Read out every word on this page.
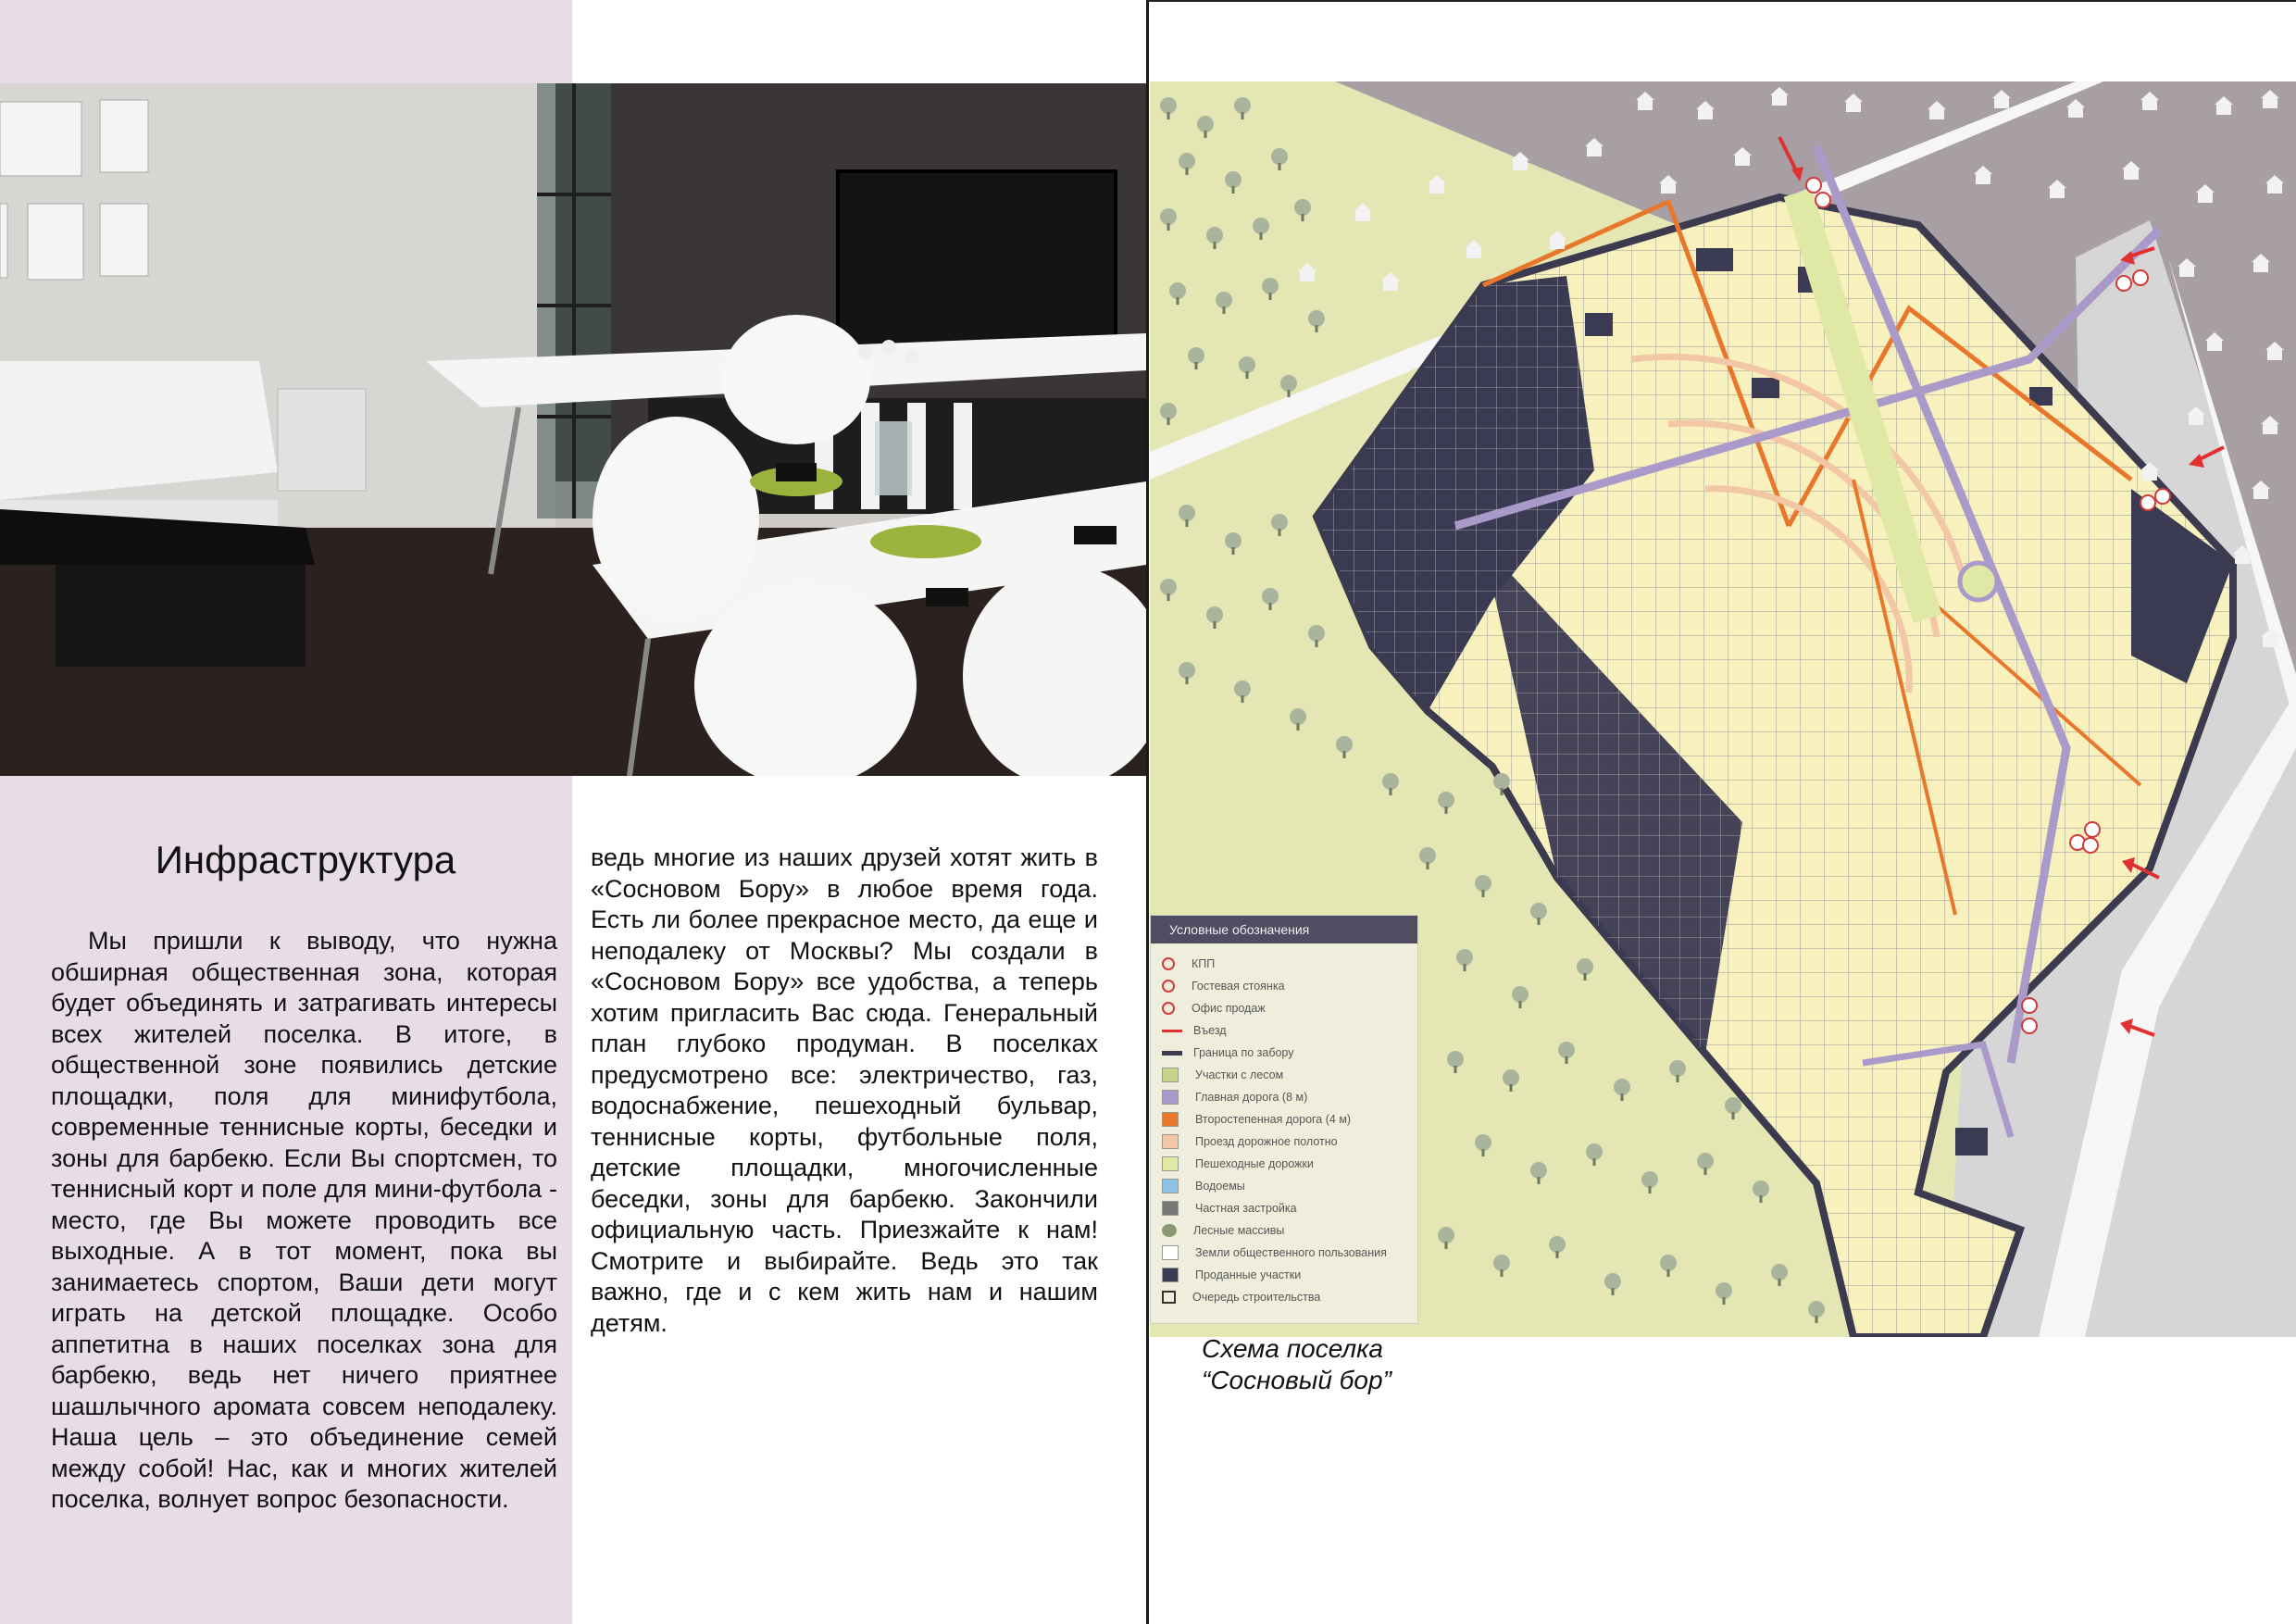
Инфраструктура

Мы пришли к выводу, что нужна обширная общественная зона, которая будет объединять и затрагивать интересы всех жителей поселка. В итоге, в общественной зоне появились детские площадки, поля для минифутбола, современные теннисные корты, беседки и зоны для барбекю. Если Вы спортсмен, то теннисный корт и поле для мини-футбола - место, где Вы можете проводить все выходные. А в тот момент, пока вы занимаетесь спортом, Ваши дети могут играть на детской площадке. Особо аппетитна в наших поселках зона для барбекю, ведь нет ничего приятнее шашлычного аромата совсем неподалеку. Наша цель – это объединение семей между собой! Нас, как и многих жителей поселка, волнует вопрос безопасности.

ведь многие из наших друзей хотят жить в «Сосновом Бору» в любое время года. Есть ли более прекрасное место, да еще и неподалеку от Москвы? Мы создали в «Сосновом Бору» все удобства, а теперь хотим пригласить Вас сюда. Генеральный план глубоко продуман. В поселках предусмотрено все: электричество, газ, водоснабжение, пешеходный бульвар, теннисные корты, футбольные поля, детские площадки, многочисленные беседки, зоны для барбекю. Закончили официальную часть. Приезжайте к нам! Смотрите и выбирайте. Ведь это так важно, где и с кем жить нам и нашим детям.

Условные обозначения
КПП
Гостевая стоянка
Офис продаж
Въезд
Граница по забору
Участки с лесом
Главная дорога (8 м)
Второстепенная дорога (4 м)
Проезд дорожное полотно
Пешеходные дорожки
Водоемы
Частная застройка
Лесные массивы
Земли общественного пользования
Проданные участки
Очередь строительства

Схема поселка “Сосновый бор”
